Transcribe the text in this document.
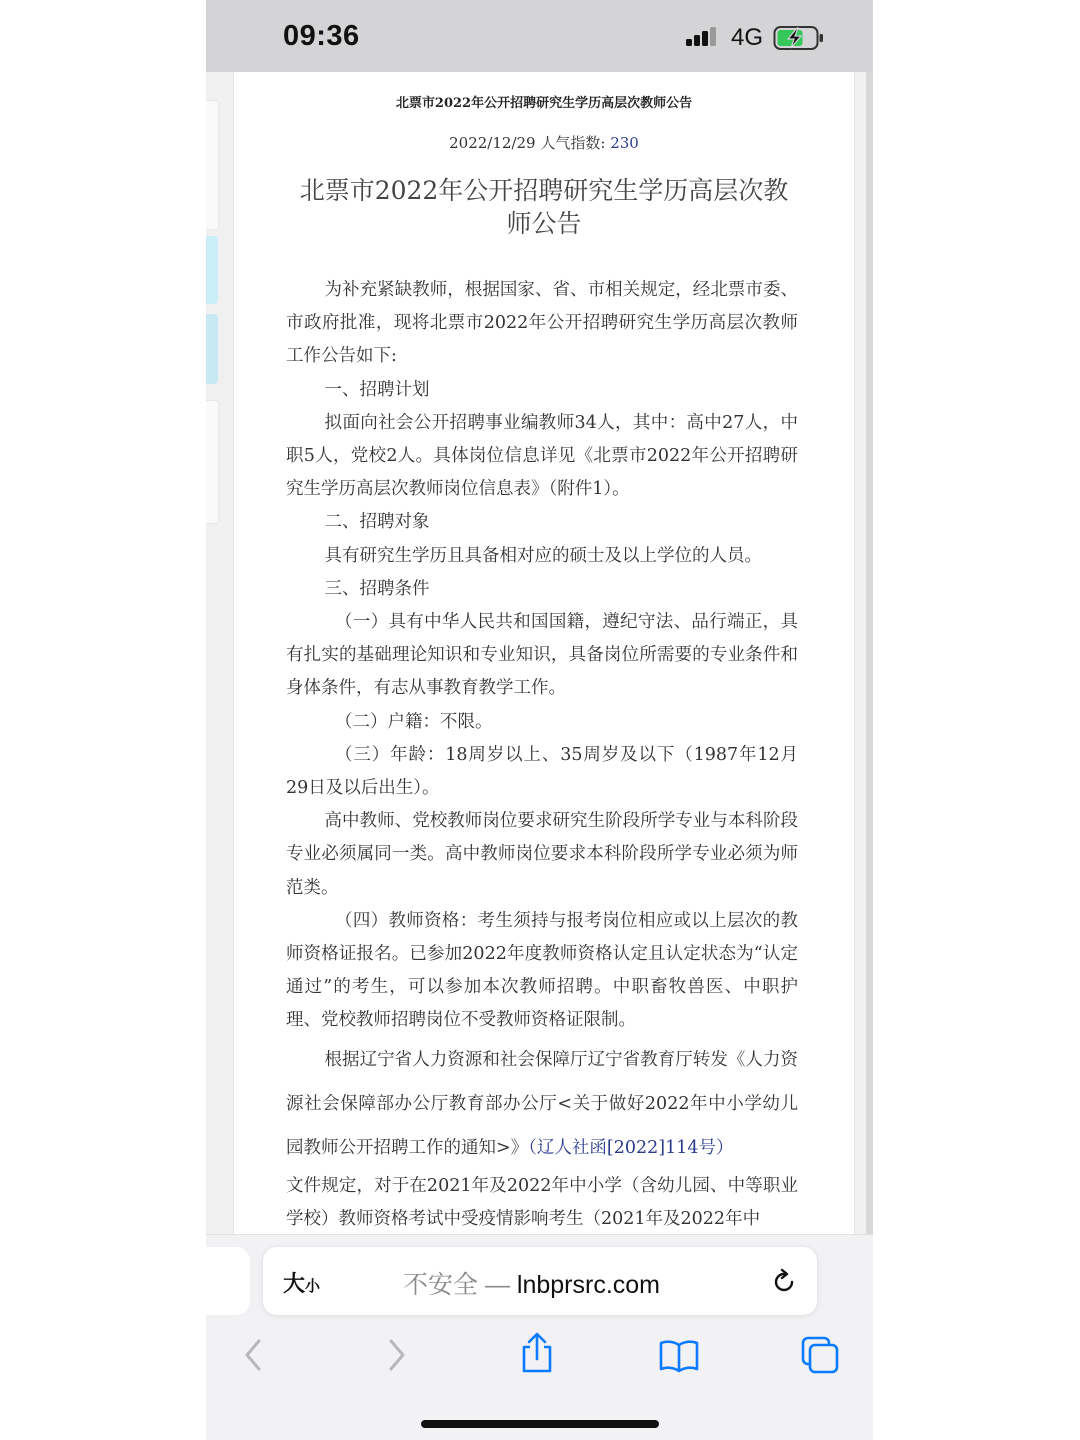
09:36	4G
北票市2022年公开招聘研究生学历高层次教师公告
2022/12/29 人气指数: 230
北票市2022年公开招聘研究生学历高层次教师公告

为补充紧缺教师，根据国家、省、市相关规定，经北票市委、市政府批准，现将北票市2022年公开招聘研究生学历高层次教师工作公告如下:

一、招聘计划

拟面向社会公开招聘事业编教师34人，其中：高中27人，中职5人，党校2人。具体岗位信息详见《北票市2022年公开招聘研究生学历高层次教师岗位信息表》（附件1）。

二、招聘对象

具有研究生学历且具备相对应的硕士及以上学位的人员。

三、招聘条件

（一）具有中华人民共和国国籍，遵纪守法、品行端正，具有扎实的基础理论知识和专业知识，具备岗位所需要的专业条件和身体条件，有志从事教育教学工作。

（二）户籍：不限。

（三）年龄：18周岁以上、35周岁及以下（1987年12月29日及以后出生）。

高中教师、党校教师岗位要求研究生阶段所学专业与本科阶段专业必须属同一类。高中教师岗位要求本科阶段所学专业必须为师范类。

（四）教师资格：考生须持与报考岗位相应或以上层次的教师资格证报名。已参加2022年度教师资格认定且认定状态为“认定通过”的考生，可以参加本次教师招聘。中职畜牧兽医、中职护理、党校教师招聘岗位不受教师资格证限制。

根据辽宁省人力资源和社会保障厅辽宁省教育厅转发《人力资源社会保障部办公厅教育部办公厅<关于做好2022年中小学幼儿园教师公开招聘工作的通知>》（辽人社函[2022]114号）

文件规定，对于在2021年及2022年中小学（含幼儿园、中等职业学校）教师资格考试中受疫情影响考生（2021年及2022年中

大小	不安全 — lnbprsrc.com
